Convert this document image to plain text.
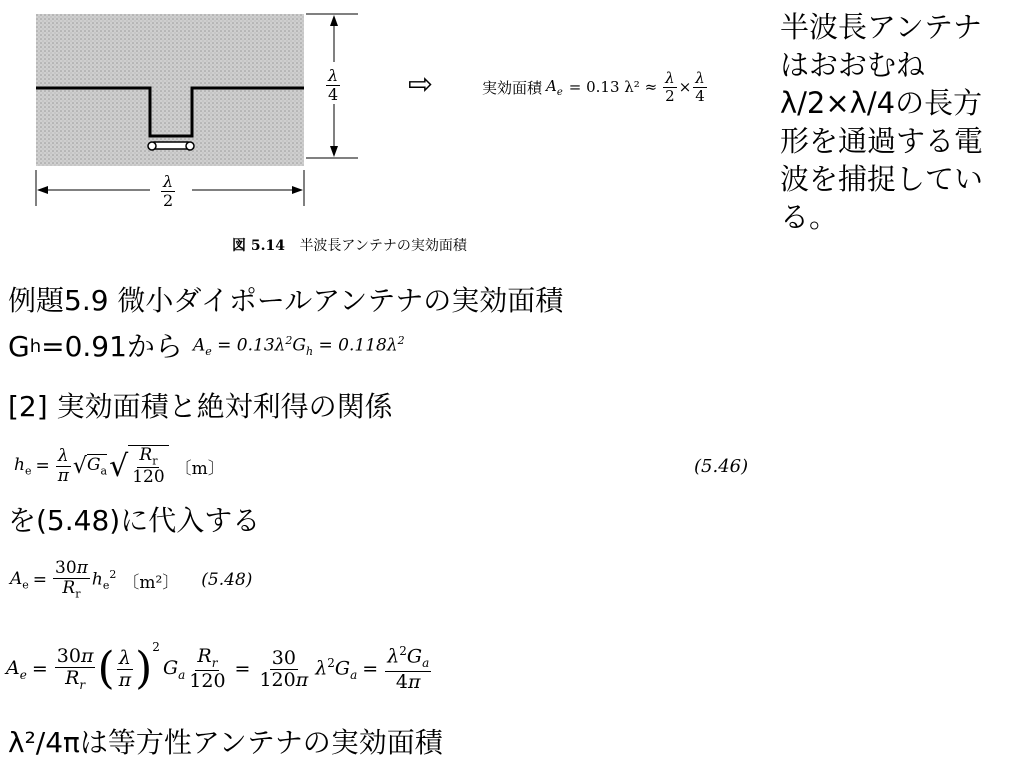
$\frac{\lambda}{4}$
$\frac{\lambda}{2}$
⇨	実効面積 $A_e = 0.13$ $\lambda^2 \approx \frac{\lambda}{2} \times \frac{\lambda}{4}$
図 5.14 半波長アンテナの実効面積
半波長アンテナ
はおおむね
λ/2×λ/4の長方
形を通過する電
波を捕捉してい
る。
例題5.9 微小ダイポールアンテナの実効面積
G h =0.91から $A_e = 0.13\lambda^2G_h = 0.118\lambda^2$
[2] 実効面積と絶対利得の関係
$h_e = \frac{\lambda}{\pi}$ √ $G_a$ √ $\frac{R_r}{120}$ 〔m〕	(5.46)
を(5.48)に代入する
$A_e = \frac{30\pi}{R_r} h_e^2$ 〔m²〕 (5.48)
$A_e = \frac{30\pi}{R_r}$ ( $\frac{\lambda}{\pi} )^2$
$G_a \frac{R_r}{120} = \frac{30}{120\pi} \lambda^2G_a = \frac{\lambda^2G_a}{4\pi}$
λ²/4πは等方性アンテナの実効面積
